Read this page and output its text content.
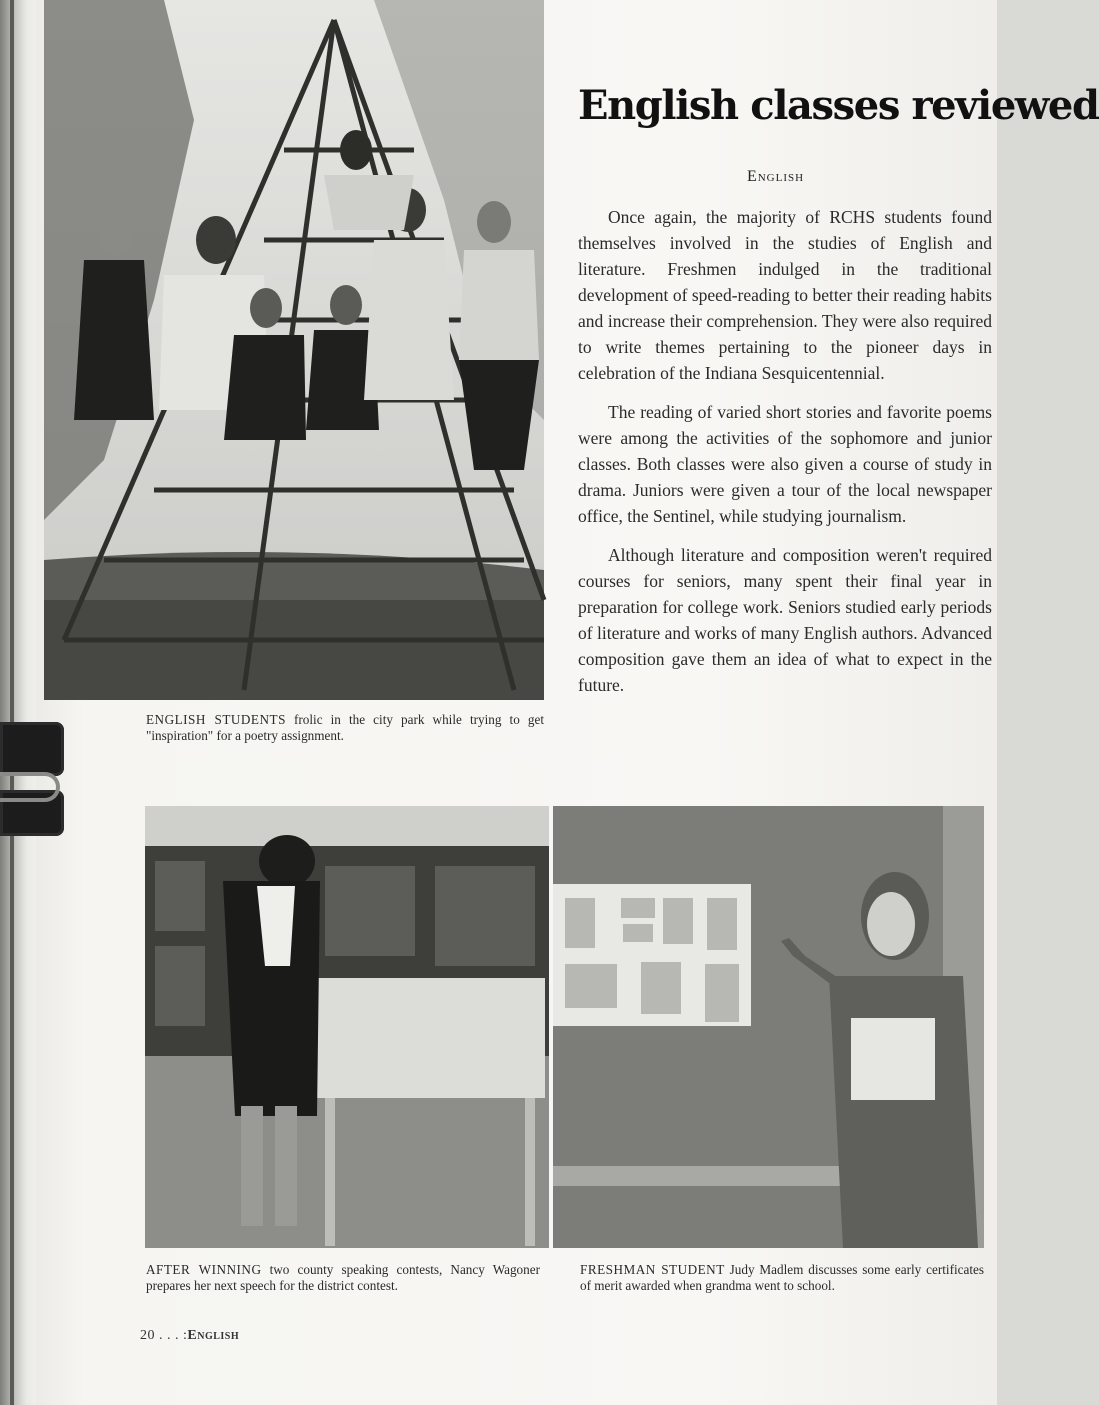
English classes reviewed
English

Once again, the majority of RCHS students found themselves involved in the studies of English and literature. Freshmen indulged in the traditional development of speed-reading to better their reading habits and increase their comprehension. They were also required to write themes pertaining to the pioneer days in celebration of the Indiana Sesquicentennial.

The reading of varied short stories and favorite poems were among the activities of the sophomore and junior classes. Both classes were also given a course of study in drama. Juniors were given a tour of the local newspaper office, the Sentinel, while studying journalism.

Although literature and composition weren't required courses for seniors, many spent their final year in preparation for college work. Seniors studied early periods of literature and works of many English authors. Advanced composition gave them an idea of what to expect in the future.

ENGLISH STUDENTS frolic in the city park while trying to get "inspiration" for a poetry assignment.
AFTER WINNING two county speaking contests, Nancy Wagoner prepares her next speech for the district contest.
FRESHMAN STUDENT Judy Madlem discusses some early certificates of merit awarded when grandma went to school.
20 . . . :English
